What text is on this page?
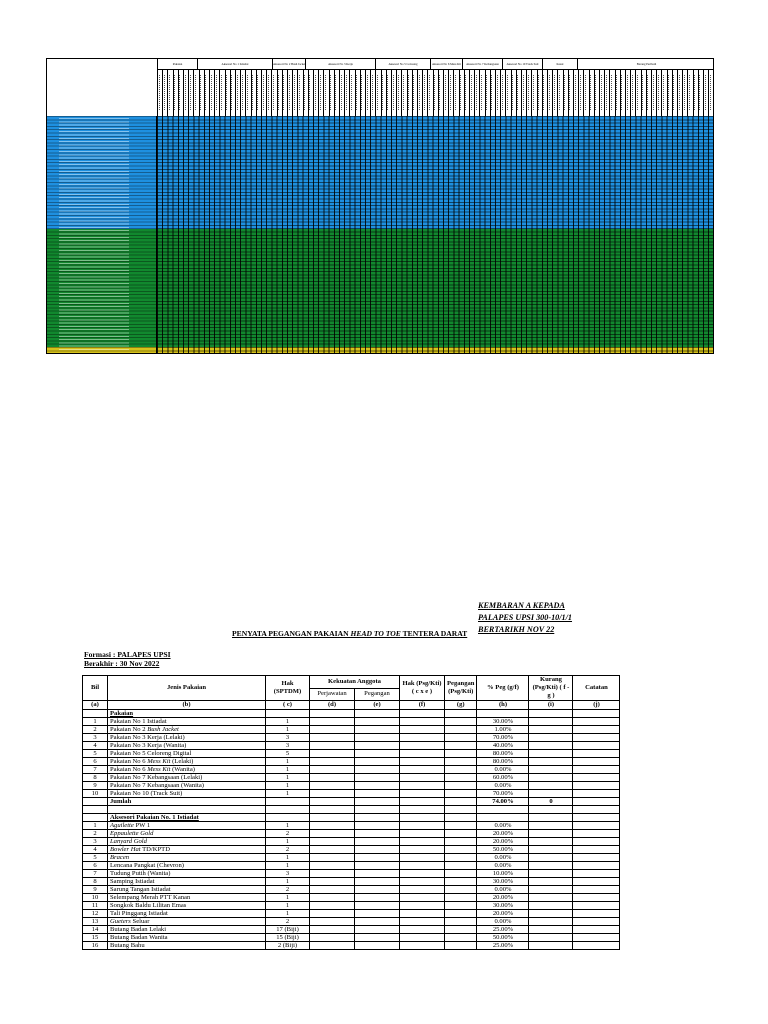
Pakaian	Aksesori No 1 Istiadat	Aksesori No 2 Bush Jacket	Aksesori No 3 Kerja	Aksesori No 5 Celoreng	Aksesori No 6 Mess Kit	Aksesori No 7 Kebangsaan	Aksesori No 10 Track Suit	Kasut	Barang Peribadi
KEMBARAN A KEPADA
PALAPES UPSI 300-10/1/1
BERTARIKH NOV 22
PENYATA PEGANGAN PAKAIAN HEAD TO TOE TENTERA DARAT
Formasi : PALAPES UPSI
Berakhir : 30 Nov 2022
Bil	Jenis Pakaian	Hak (SPTDM)	Kekuatan Anggota		Hak (Psg/Kti) ( c x e )	Pegangan (Psg/Kti)	% Peg (g/f)	Kurang (Psg/Kti) ( f - g )	Catatan
			Perjawatan	Pegangan					
(a)	(b)	( c)	(d)	(e)	(f)	(g)	(h)	(i)	(j)
	Pakaian								
1	Pakaian No 1 Istiadat	1					30.00%		
2	Pakaian No 2 Bush Jacket	1					1.00%		
3	Pakaian No 3 Kerja (Lelaki)	3					70.00%		
4	Pakaian No 3 Kerja (Wanita)	3					40.00%		
5	Pakaian No 5 Celoreng Digital	5					80.00%		
6	Pakaian No 6 Mess Kit (Lelaki)	1					80.00%		
7	Pakaian No 6 Mess Kit (Wanita)	1					0.00%		
8	Pakaian No 7 Kebangsaan (Lelaki)	1					60.00%		
9	Pakaian No 7 Kebangsaan (Wanita)	1					0.00%		
10	Pakaian No 10 (Track Suit)	1					70.00%		
	Jumlah						74.00%	0	

	Aksesori Pakaian No. 1 Istiadat								
1	Aguilette PW 1	1					0.00%		
2	Eppaulette Gold	2					20.00%		
3	Lanyard Gold	1					20.00%		
4	Bowler Hat TD/KPTD	2					50.00%		
5	Bracen	1					0.00%		
6	Lencana Pangkat (Chevron)	1					0.00%		
7	Tudung Putih (Wanita)	3					10.00%		
8	Samping Istiadat	1					30.00%		
9	Sarung Tangan Istiadat	2					0.00%		
10	Selempang Merah PTT Kanan	1					20.00%		
11	Songkok Baldu Lilitan Emas	1					30.00%		
12	Tali Pinggang Istiadat	1					20.00%		
13	Gueters Seluar	2					0.00%		
14	Butang Badan Lelaki	17 (Biji)					25.00%		
15	Butang Badan Wanita	15 (Biji)					50.00%		
16	Butang Bahu	2 (Biji)					25.00%		
